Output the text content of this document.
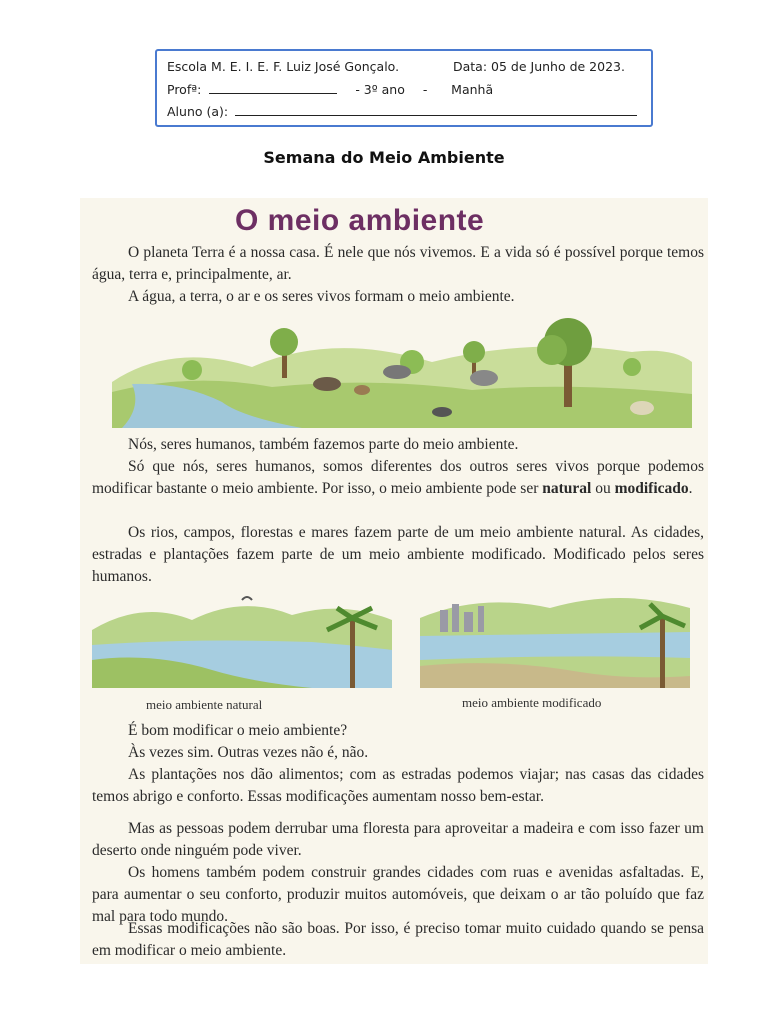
Escola M. E. I. E. F. Luiz José Gonçalo.	Data: 05 de Junho de 2023.
Profª:	- 3º ano -      Manhã
Aluno (a):
Semana do Meio Ambiente
O meio ambiente
O planeta Terra é a nossa casa. É nele que nós vivemos. E a vida só é possível porque temos água, terra e, principalmente, ar.
A água, a terra, o ar e os seres vivos formam o meio ambiente.
Nós, seres humanos, também fazemos parte do meio ambiente.
Só que nós, seres humanos, somos diferentes dos outros seres vivos porque podemos modificar bastante o meio ambiente. Por isso, o meio ambiente pode ser natural ou modificado.
Os rios, campos, florestas e mares fazem parte de um meio ambiente natural. As cidades, estradas e plantações fazem parte de um meio ambiente modificado. Modificado pelos seres humanos.
meio ambiente natural	meio ambiente modificado
É bom modificar o meio ambiente?
Às vezes sim. Outras vezes não é, não.
As plantações nos dão alimentos; com as estradas podemos viajar; nas casas das cidades temos abrigo e conforto. Essas modificações aumentam nosso bem-estar.
Mas as pessoas podem derrubar uma floresta para aproveitar a madeira e com isso fazer um deserto onde ninguém pode viver.
Os homens também podem construir grandes cidades com ruas e avenidas asfaltadas. E, para aumentar o seu conforto, produzir muitos automóveis, que deixam o ar tão poluído que faz mal para todo mundo.
Essas modificações não são boas. Por isso, é preciso tomar muito cuidado quando se pensa em modificar o meio ambiente.
